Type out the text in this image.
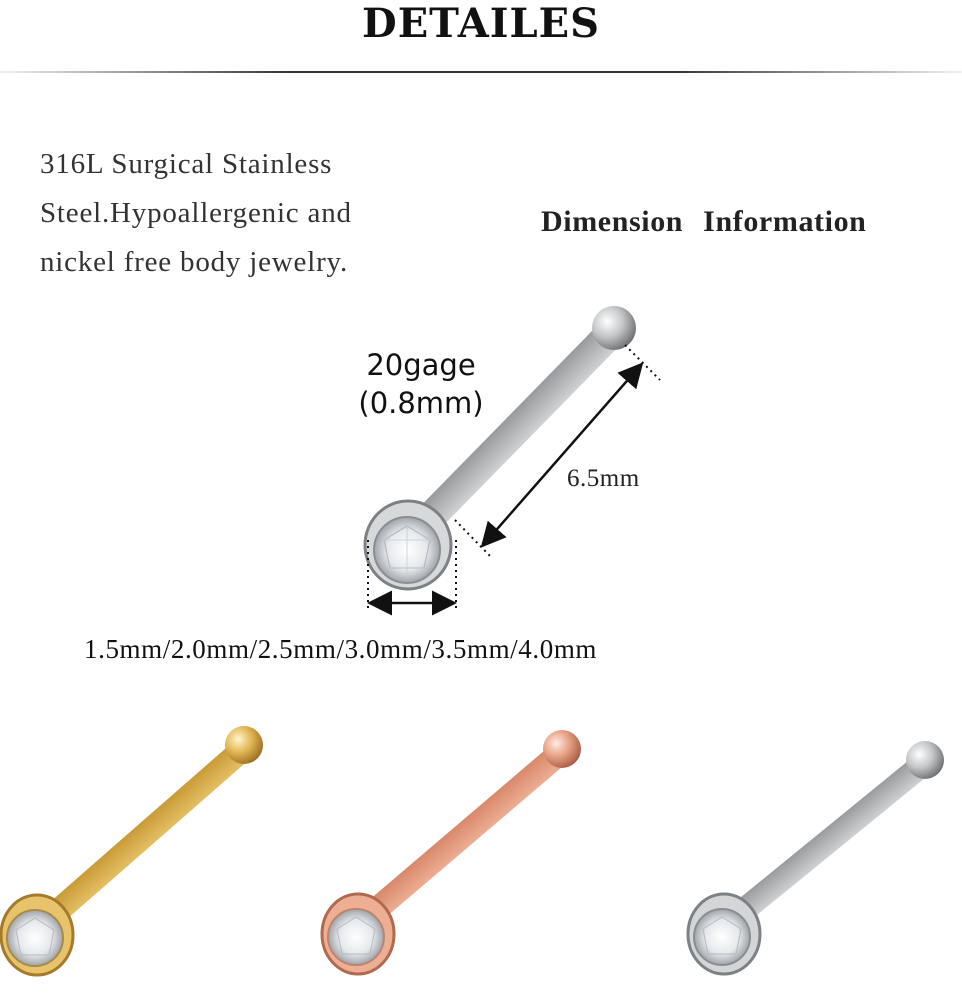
DETAILES
316L Surgical Stainless
Steel.Hypoallergenic and
nickel free body jewelry.
Dimension Information
20gage
(0.8mm)
6.5mm
1.5mm/2.0mm/2.5mm/3.0mm/3.5mm/4.0mm
